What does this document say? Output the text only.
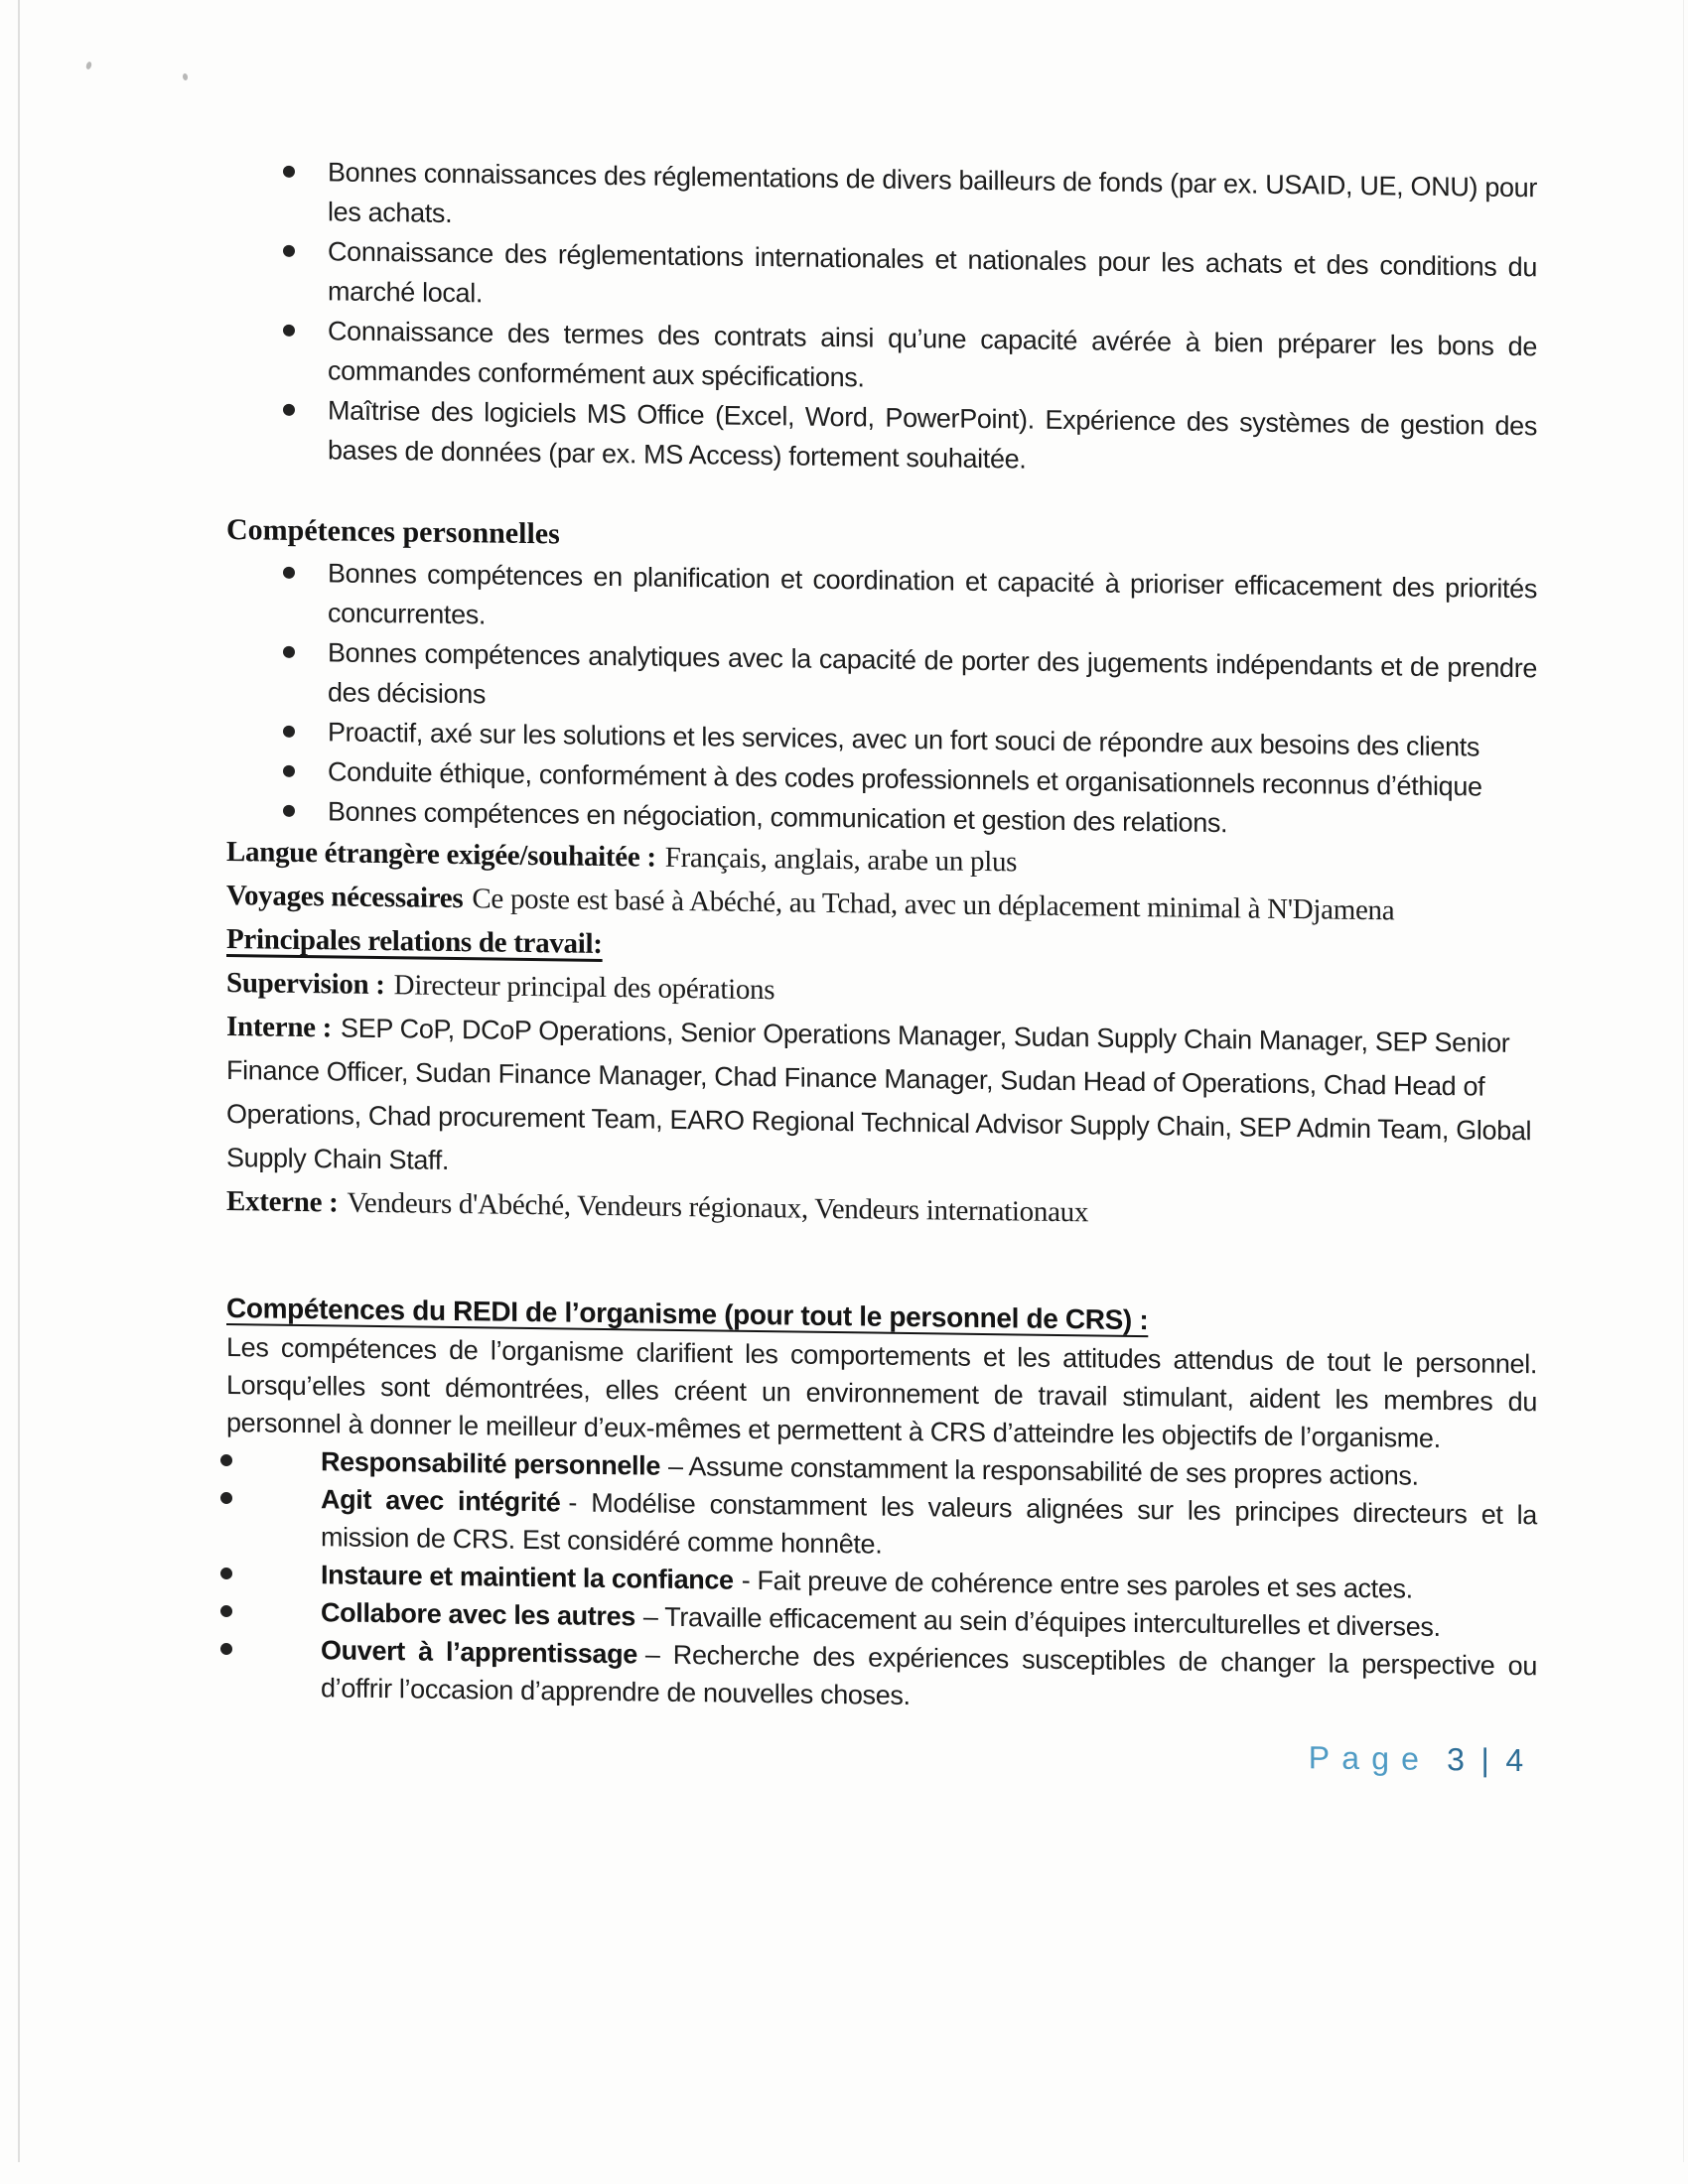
Bonnes connaissances des réglementations de divers bailleurs de fonds (par ex. USAID, UE, ONU) pour les achats.
Connaissance des réglementations internationales et nationales pour les achats et des conditions du marché local.
Connaissance des termes des contrats ainsi qu’une capacité avérée à bien préparer les bons de commandes conformément aux spécifications.
Maîtrise des logiciels MS Office (Excel, Word, PowerPoint). Expérience des systèmes de gestion des bases de données (par ex. MS Access) fortement souhaitée.
Compétences personnelles
Bonnes compétences en planification et coordination et capacité à prioriser efficacement des priorités concurrentes.
Bonnes compétences analytiques avec la capacité de porter des jugements indépendants et de prendre des décisions
Proactif, axé sur les solutions et les services, avec un fort souci de répondre aux besoins des clients
Conduite éthique, conformément à des codes professionnels et organisationnels reconnus d’éthique
Bonnes compétences en négociation, communication et gestion des relations.

Langue étrangère exigée/souhaitée : Français, anglais, arabe un plus

Voyages nécessaires Ce poste est basé à Abéché, au Tchad, avec un déplacement minimal à N'Djamena

Principales relations de travail:

Supervision : Directeur principal des opérations

Interne : SEP CoP, DCoP Operations, Senior Operations Manager, Sudan Supply Chain Manager, SEP Senior Finance Officer, Sudan Finance Manager, Chad Finance Manager, Sudan Head of Operations, Chad Head of Operations, Chad procurement Team, EARO Regional Technical Advisor Supply Chain, SEP Admin Team, Global Supply Chain Staff.

Externe : Vendeurs d'Abéché, Vendeurs régionaux, Vendeurs internationaux

Compétences du REDI de l’organisme (pour tout le personnel de CRS) :

Les compétences de l’organisme clarifient les comportements et les attitudes attendus de tout le personnel. Lorsqu’elles sont démontrées, elles créent un environnement de travail stimulant, aident les membres du personnel à donner le meilleur d’eux-mêmes et permettent à CRS d’atteindre les objectifs de l’organisme.

Responsabilité personnelle – Assume constamment la responsabilité de ses propres actions.
Agit avec intégrité - Modélise constamment les valeurs alignées sur les principes directeurs et la mission de CRS. Est considéré comme honnête.
Instaure et maintient la confiance - Fait preuve de cohérence entre ses paroles et ses actes.
Collabore avec les autres – Travaille efficacement au sein d’équipes interculturelles et diverses.
Ouvert à l’apprentissage – Recherche des expériences susceptibles de changer la perspective ou d’offrir l’occasion d’apprendre de nouvelles choses.
Page 3 | 4
